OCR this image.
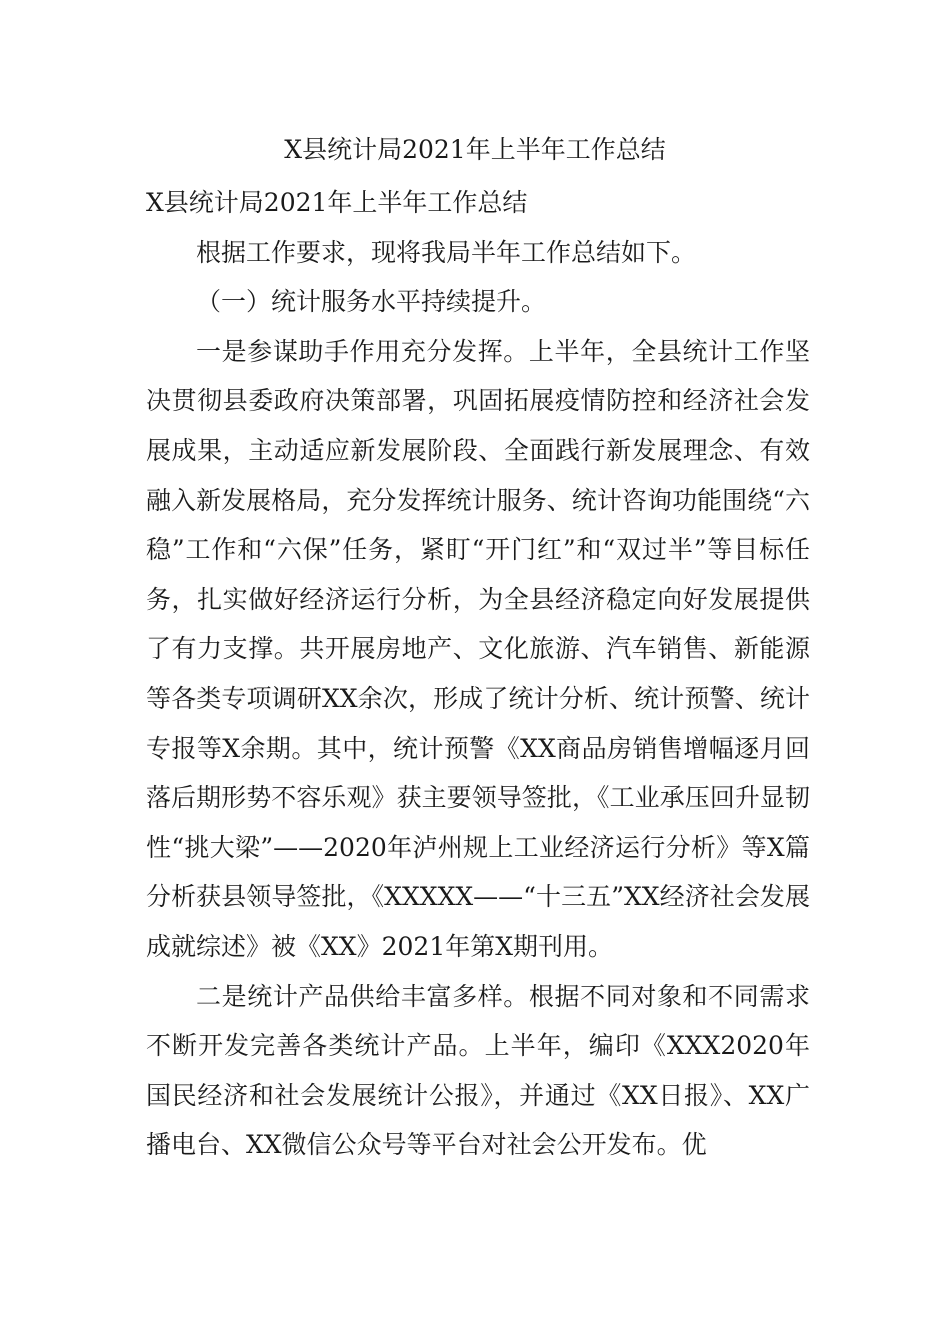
X县统计局2021年上半年工作总结

X县统计局2021年上半年工作总结

根据工作要求，现将我局半年工作总结如下。

（一）统计服务水平持续提升。

一是参谋助手作用充分发挥。上半年，全县统计工作坚决贯彻县委政府决策部署，巩固拓展疫情防控和经济社会发展成果，主动适应新发展阶段、全面践行新发展理念、有效融入新发展格局，充分发挥统计服务、统计咨询功能围绕“六稳”工作和“六保”任务，紧盯“开门红”和“双过半”等目标任务，扎实做好经济运行分析，为全县经济稳定向好发展提供了有力支撑。共开展房地产、文化旅游、汽车销售、新能源等各类专项调研XX余次，形成了统计分析、统计预警、统计专报等X余期。其中，统计预警《XX商品房销售增幅逐月回落后期形势不容乐观》获主要领导签批，《工业承压回升显韧性“挑大梁”——2020年泸州规上工业经济运行分析》等X篇分析获县领导签批，《XXXXX——“十三五”XX经济社会发展成就综述》被《XX》2021年第X期刊用。

二是统计产品供给丰富多样。根据不同对象和不同需求不断开发完善各类统计产品。上半年，编印《XXX2020年国民经济和社会发展统计公报》，并通过《XX日报》、XX广播电台、XX微信公众号等平台对社会公开发布。优
